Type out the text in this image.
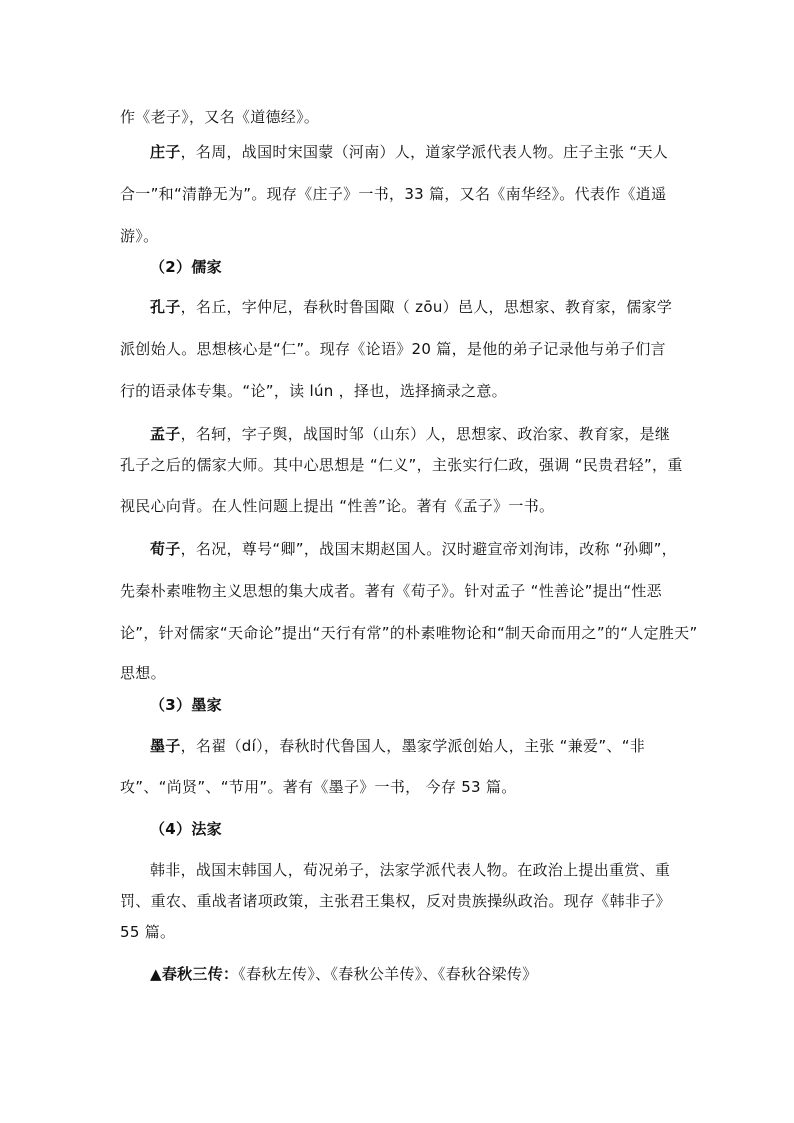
作《老子》，又名《道德经》。
庄子，名周，战国时宋国蒙（河南）人，道家学派代表人物。庄子主张 “天人
合一”和“清静无为”。现存《庄子》一书，33 篇，又名《南华经》。代表作《逍遥
游》。
（2）儒家
孔子，名丘，字仲尼，春秋时鲁国陬（ zōu）邑人，思想家、教育家，儒家学
派创始人。思想核心是“仁”。现存《论语》20 篇，是他的弟子记录他与弟子们言
行的语录体专集。“论”，读 lún ，择也，选择摘录之意。
孟子，名轲，字子舆，战国时邹（山东）人，思想家、政治家、教育家，是继
孔子之后的儒家大师。其中心思想是 “仁义”，主张实行仁政，强调 “民贵君轻”，重
视民心向背。在人性问题上提出 “性善”论。著有《孟子》一书。
荀子，名况，尊号“卿”，战国末期赵国人。汉时避宣帝刘洵讳，改称 “孙卿”，
先秦朴素唯物主义思想的集大成者。著有《荀子》。针对孟子 “性善论”提出“性恶
论”，针对儒家“天命论”提出“天行有常”的朴素唯物论和“制天命而用之”的“人定胜天”
思想。
（3）墨家
墨子，名翟（dí），春秋时代鲁国人，墨家学派创始人，主张 “兼爱”、“非
攻”、“尚贤”、“节用”。著有《墨子》一书， 今存 53 篇。
（4）法家
韩非，战国末韩国人，荀况弟子，法家学派代表人物。在政治上提出重赏、重
罚、重农、重战者诸项政策，主张君王集权，反对贵族操纵政治。现存《韩非子》
55 篇。
▲春秋三传：《春秋左传》、《春秋公羊传》、《春秋谷梁传》
